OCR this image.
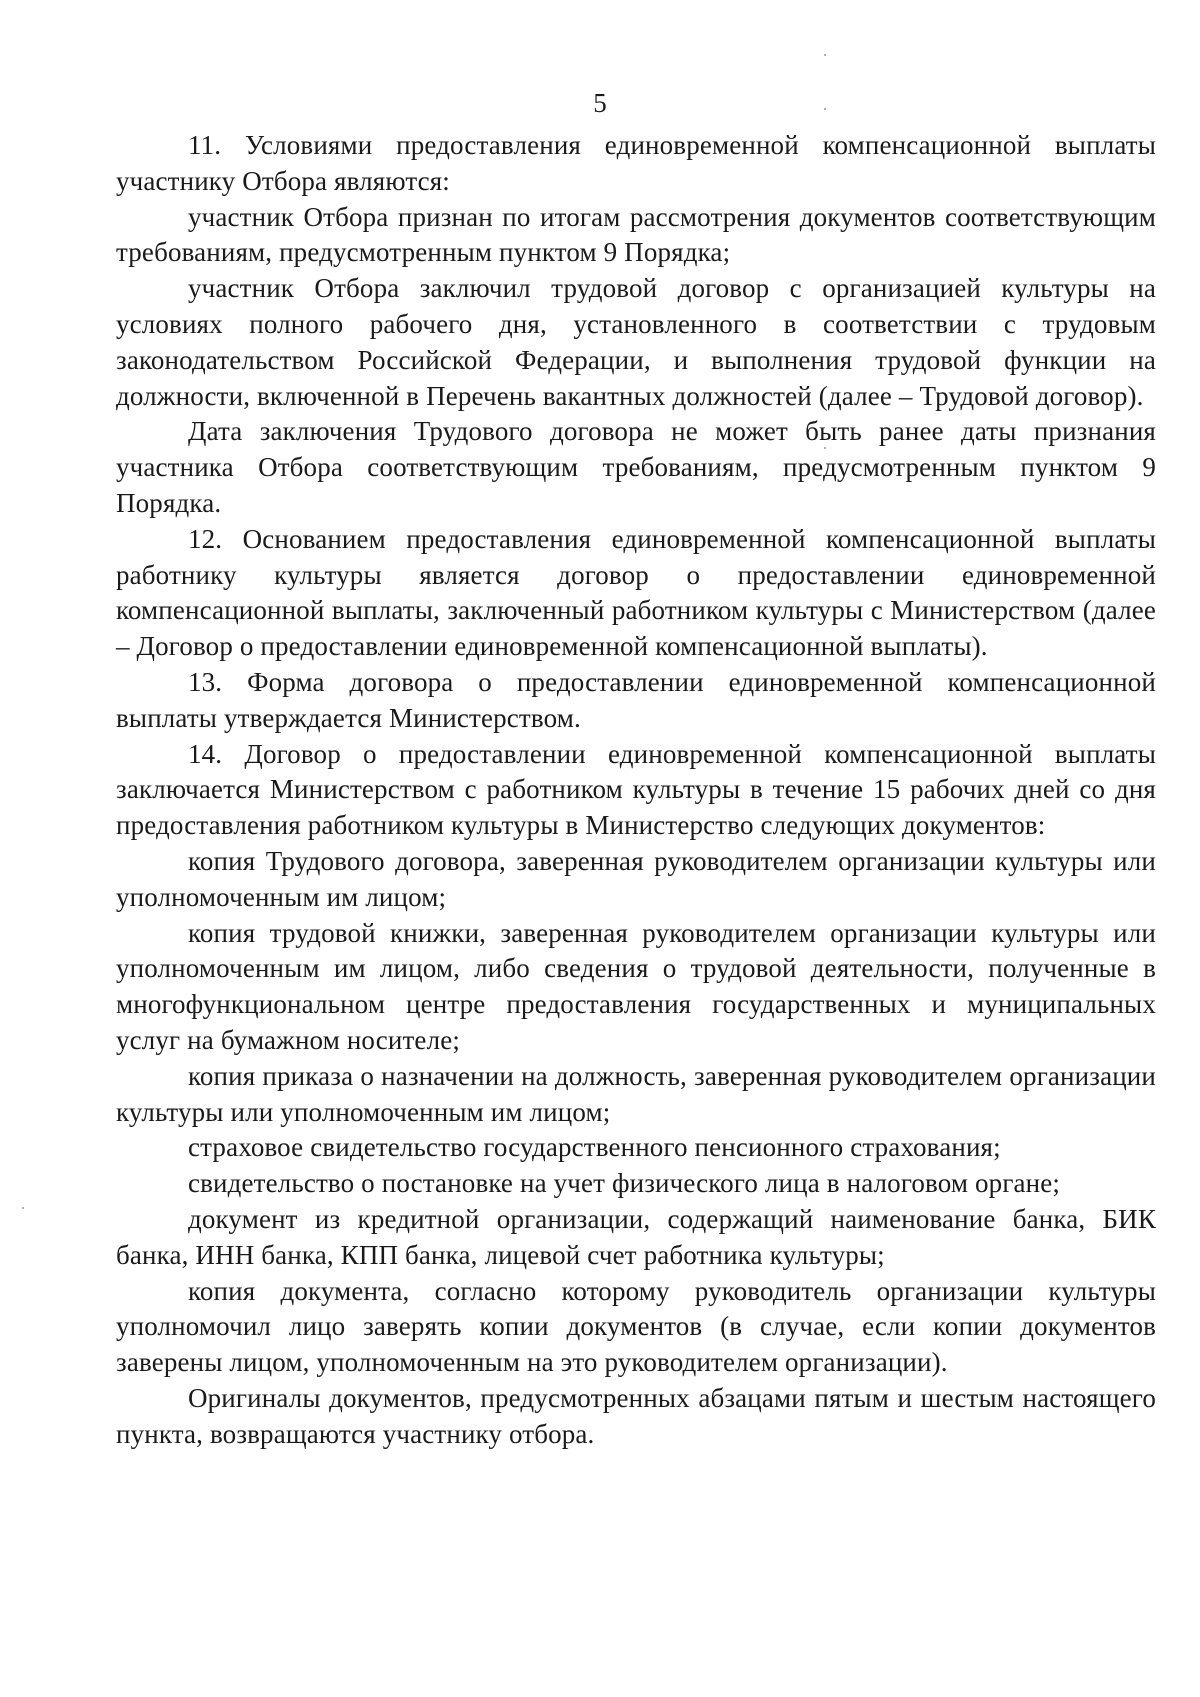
5

11. Условиями предоставления единовременной компенсационной выплаты участнику Отбора являются:

участник Отбора признан по итогам рассмотрения документов соответствующим требованиям, предусмотренным пунктом 9 Порядка;

участник Отбора заключил трудовой договор с организацией культуры на условиях полного рабочего дня, установленного в соответствии с трудовым законодательством Российской Федерации, и выполнения трудовой функции на должности, включенной в Перечень вакантных должностей (далее – Трудовой договор).

Дата заключения Трудового договора не может быть ранее даты признания участника Отбора соответствующим требованиям, предусмотренным пунктом 9 Порядка.

12. Основанием предоставления единовременной компенсационной выплаты работнику культуры является договор о предоставлении единовременной компенсационной выплаты, заключенный работником культуры с Министерством (далее – Договор о предоставлении единовременной компенсационной выплаты).

13. Форма договора о предоставлении единовременной компенсационной выплаты утверждается Министерством.

14. Договор о предоставлении единовременной компенсационной выплаты заключается Министерством с работником культуры в течение 15 рабочих дней со дня предоставления работником культуры в Министерство следующих документов:

копия Трудового договора, заверенная руководителем организации культуры или уполномоченным им лицом;

копия трудовой книжки, заверенная руководителем организации культуры или уполномоченным им лицом, либо сведения о трудовой деятельности, полученные в многофункциональном центре предоставления государственных и муниципальных услуг на бумажном носителе;

копия приказа о назначении на должность, заверенная руководителем организации культуры или уполномоченным им лицом;

страховое свидетельство государственного пенсионного страхования;

свидетельство о постановке на учет физического лица в налоговом органе;

документ из кредитной организации, содержащий наименование банка, БИК банка, ИНН банка, КПП банка, лицевой счет работника культуры;

копия документа, согласно которому руководитель организации культуры уполномочил лицо заверять копии документов (в случае, если копии документов заверены лицом, уполномоченным на это руководителем организации).

Оригиналы документов, предусмотренных абзацами пятым и шестым настоящего пункта, возвращаются участнику отбора.
